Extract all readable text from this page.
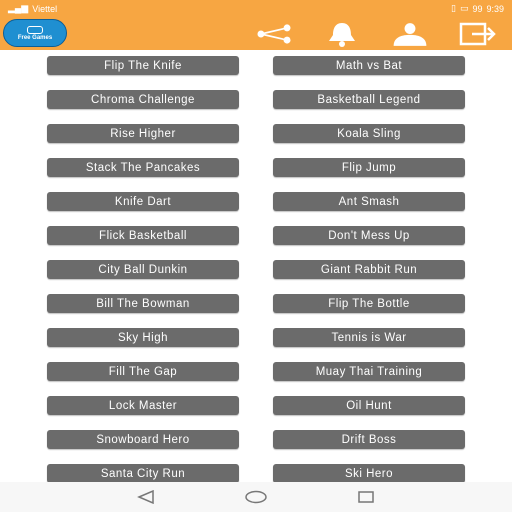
▂▄▆ Viettel	▯ ▭ 99 9:39
Free Games
Flip The Knife	Math vs Bat
Chroma Challenge	Basketball Legend
Rise Higher	Koala Sling
Stack The Pancakes	Flip Jump
Knife Dart	Ant Smash
Flick Basketball	Don't Mess Up
City Ball Dunkin	Giant Rabbit Run
Bill The Bowman	Flip The Bottle
Sky High	Tennis is War
Fill The Gap	Muay Thai Training
Lock Master	Oil Hunt
Snowboard Hero	Drift Boss
Santa City Run	Ski Hero
